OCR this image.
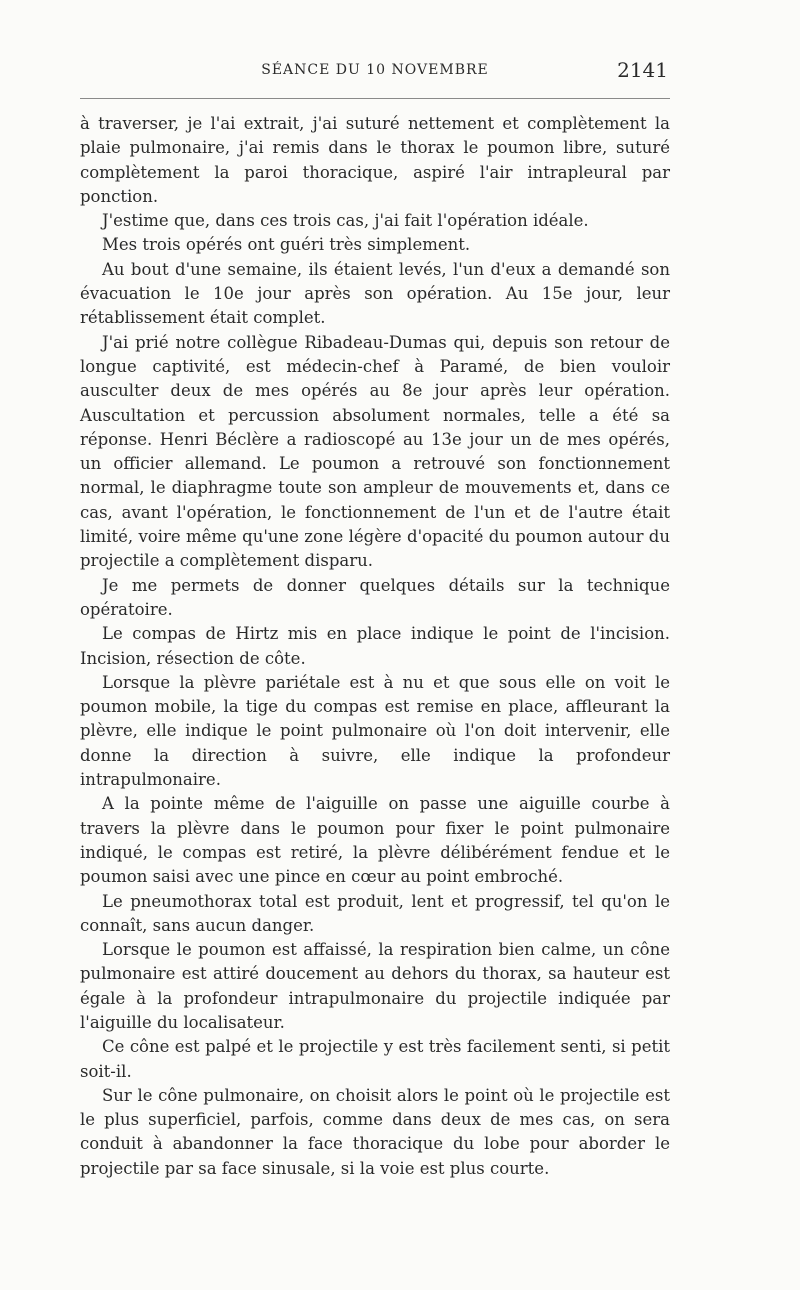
SÉANCE DU 10 NOVEMBRE	2141

à traverser, je l'ai extrait, j'ai suturé nettement et complètement la plaie pulmonaire, j'ai remis dans le thorax le poumon libre, suturé complètement la paroi thoracique, aspiré l'air intrapleural par ponction.

J'estime que, dans ces trois cas, j'ai fait l'opération idéale.

Mes trois opérés ont guéri très simplement.

Au bout d'une semaine, ils étaient levés, l'un d'eux a demandé son évacuation le 10e jour après son opération. Au 15e jour, leur rétablissement était complet.

J'ai prié notre collègue Ribadeau-Dumas qui, depuis son retour de longue captivité, est médecin-chef à Paramé, de bien vouloir ausculter deux de mes opérés au 8e jour après leur opération. Auscultation et percussion absolument normales, telle a été sa réponse. Henri Béclère a radioscopé au 13e jour un de mes opérés, un officier allemand. Le poumon a retrouvé son fonctionnement normal, le diaphragme toute son ampleur de mouvements et, dans ce cas, avant l'opération, le fonctionnement de l'un et de l'autre était limité, voire même qu'une zone légère d'opacité du poumon autour du projectile a complètement disparu.

Je me permets de donner quelques détails sur la technique opératoire.

Le compas de Hirtz mis en place indique le point de l'incision. Incision, résection de côte.

Lorsque la plèvre pariétale est à nu et que sous elle on voit le poumon mobile, la tige du compas est remise en place, affleurant la plèvre, elle indique le point pulmonaire où l'on doit intervenir, elle donne la direction à suivre, elle indique la profondeur intrapulmonaire.

A la pointe même de l'aiguille on passe une aiguille courbe à travers la plèvre dans le poumon pour fixer le point pulmonaire indiqué, le compas est retiré, la plèvre délibérément fendue et le poumon saisi avec une pince en cœur au point embroché.

Le pneumothorax total est produit, lent et progressif, tel qu'on le connaît, sans aucun danger.

Lorsque le poumon est affaissé, la respiration bien calme, un cône pulmonaire est attiré doucement au dehors du thorax, sa hauteur est égale à la profondeur intrapulmonaire du projectile indiquée par l'aiguille du localisateur.

Ce cône est palpé et le projectile y est très facilement senti, si petit soit-il.

Sur le cône pulmonaire, on choisit alors le point où le projectile est le plus superficiel, parfois, comme dans deux de mes cas, on sera conduit à abandonner la face thoracique du lobe pour aborder le projectile par sa face sinusale, si la voie est plus courte.
